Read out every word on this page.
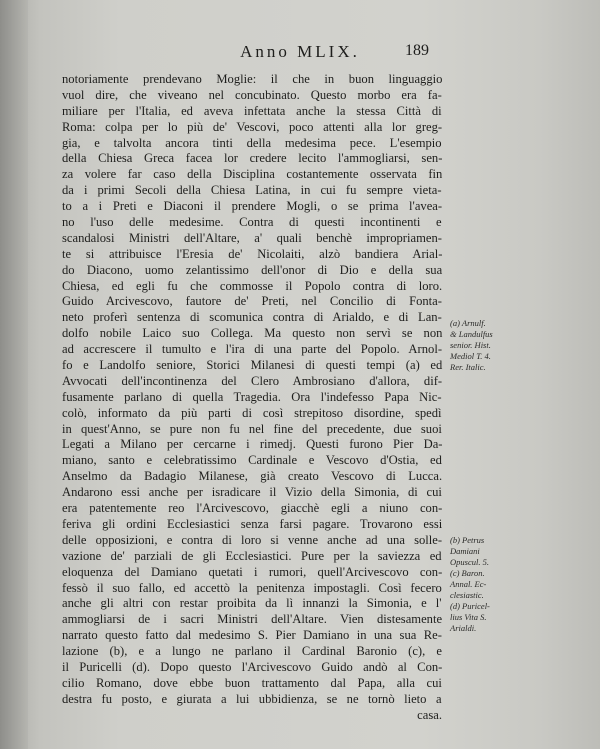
Anno MLIX.	189
notoriamente prendevano Moglie: il che in buon linguaggio
vuol dire, che viveano nel concubinato. Questo morbo era fa-
miliare per l'Italia, ed aveva infettata anche la stessa Città di
Roma: colpa per lo più de' Vescovi, poco attenti alla lor greg-
gia, e talvolta ancora tinti della medesima pece. L'esempio
della Chiesa Greca facea lor credere lecito l'ammogliarsi, sen-
za volere far caso della Disciplina costantemente osservata fin
da i primi Secoli della Chiesa Latina, in cui fu sempre vieta-
to a i Preti e Diaconi il prendere Mogli, o se prima l'avea-
no l'uso delle medesime. Contra di questi incontinenti e
scandalosi Ministri dell'Altare, a' quali benchè impropriamen-
te si attribuisce l'Eresia de' Nicolaiti, alzò bandiera Arial-
do Diacono, uomo zelantissimo dell'onor di Dio e della sua
Chiesa, ed egli fu che commosse il Popolo contra di loro.
Guido Arcivescovo, fautore de' Preti, nel Concilio di Fonta-
neto proferì sentenza di scomunica contra di Arialdo, e di Lan-
dolfo nobile Laico suo Collega. Ma questo non servì se non
ad accrescere il tumulto e l'ira di una parte del Popolo. Arnol-
fo e Landolfo seniore, Storici Milanesi di questi tempi (a) ed
Avvocati dell'incontinenza del Clero Ambrosiano d'allora, dif-
fusamente parlano di quella Tragedia. Ora l'indefesso Papa Nic-
colò, informato da più parti di così strepitoso disordine, spedì
in quest'Anno, se pure non fu nel fine del precedente, due suoi
Legati a Milano per cercarne i rimedj. Questi furono Pier Da-
miano, santo e celebratissimo Cardinale e Vescovo d'Ostia, ed
Anselmo da Badagio Milanese, già creato Vescovo di Lucca.
Andarono essi anche per isradicare il Vizio della Simonia, di cui
era patentemente reo l'Arcivescovo, giacchè egli a niuno con-
feriva gli ordini Ecclesiastici senza farsi pagare. Trovarono essi
delle opposizioni, e contra di loro si venne anche ad una solle-
vazione de' parziali de gli Ecclesiastici. Pure per la saviezza ed
eloquenza del Damiano quetati i rumori, quell'Arcivescovo con-
fessò il suo fallo, ed accettò la penitenza impostagli. Così fecero
anche gli altri con restar proibita da lì innanzi la Simonia, e l'
ammogliarsi de i sacri Ministri dell'Altare. Vien distesamente
narrato questo fatto dal medesimo S. Pier Damiano in una sua Re-
lazione (b), e a lungo ne parlano il Cardinal Baronio (c), e
il Puricelli (d). Dopo questo l'Arcivescovo Guido andò al Con-
cilio Romano, dove ebbe buon trattamento dal Papa, alla cui
destra fu posto, e giurata a lui ubbidienza, se ne tornò lieto a
casa.
(a) Arnulf.
& Landulfus
senior. Hist.
Mediol T. 4.
Rer. Italic.
(b) Petrus
Damiani
Opuscul. 5.
(c) Baron.
Annal. Ec-
clesiastic.
(d) Puricel-
lius Vita S.
Arialdi.
